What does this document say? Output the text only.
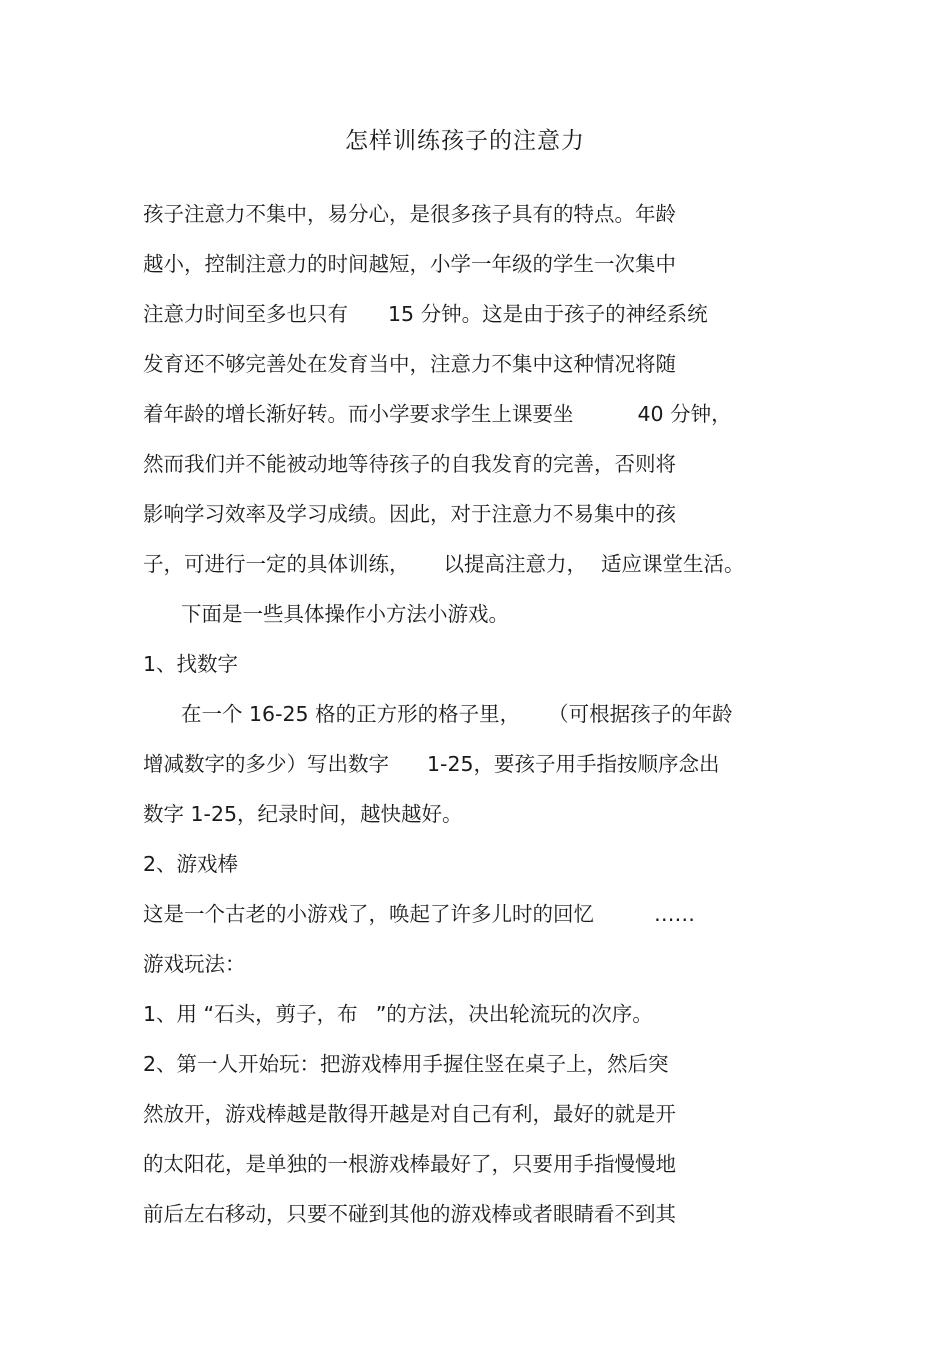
怎样训练孩子的注意力
孩子注意力不集中，易分心，是很多孩子具有的特点。年龄
越小，控制注意力的时间越短，小学一年级的学生一次集中
注意力时间至多也只有 15 分钟。这是由于孩子的神经系统
发育还不够完善处在发育当中，注意力不集中这种情况将随
着年龄的增长渐好转。而小学要求学生上课要坐	40 分钟，
然而我们并不能被动地等待孩子的自我发育的完善，否则将
影响学习效率及学习成绩。因此，对于注意力不易集中的孩
子，可进行一定的具体训练， 以提高注意力， 适应课堂生活。
下面是一些具体操作小方法小游戏。
1、找数字
在一个 16-25 格的正方形的格子里， （可根据孩子的年龄
增减数字的多少）写出数字 1-25，要孩子用手指按顺序念出
数字 1-25，纪录时间，越快越好。
2、游戏棒
这是一个古老的小游戏了，唤起了许多儿时的回忆	……
游戏玩法：
1、用 “石头，剪子，布 ”的方法，决出轮流玩的次序。
2、第一人开始玩：把游戏棒用手握住竖在桌子上，然后突
然放开，游戏棒越是散得开越是对自己有利，最好的就是开
的太阳花，是单独的一根游戏棒最好了，只要用手指慢慢地
前后左右移动，只要不碰到其他的游戏棒或者眼睛看不到其
